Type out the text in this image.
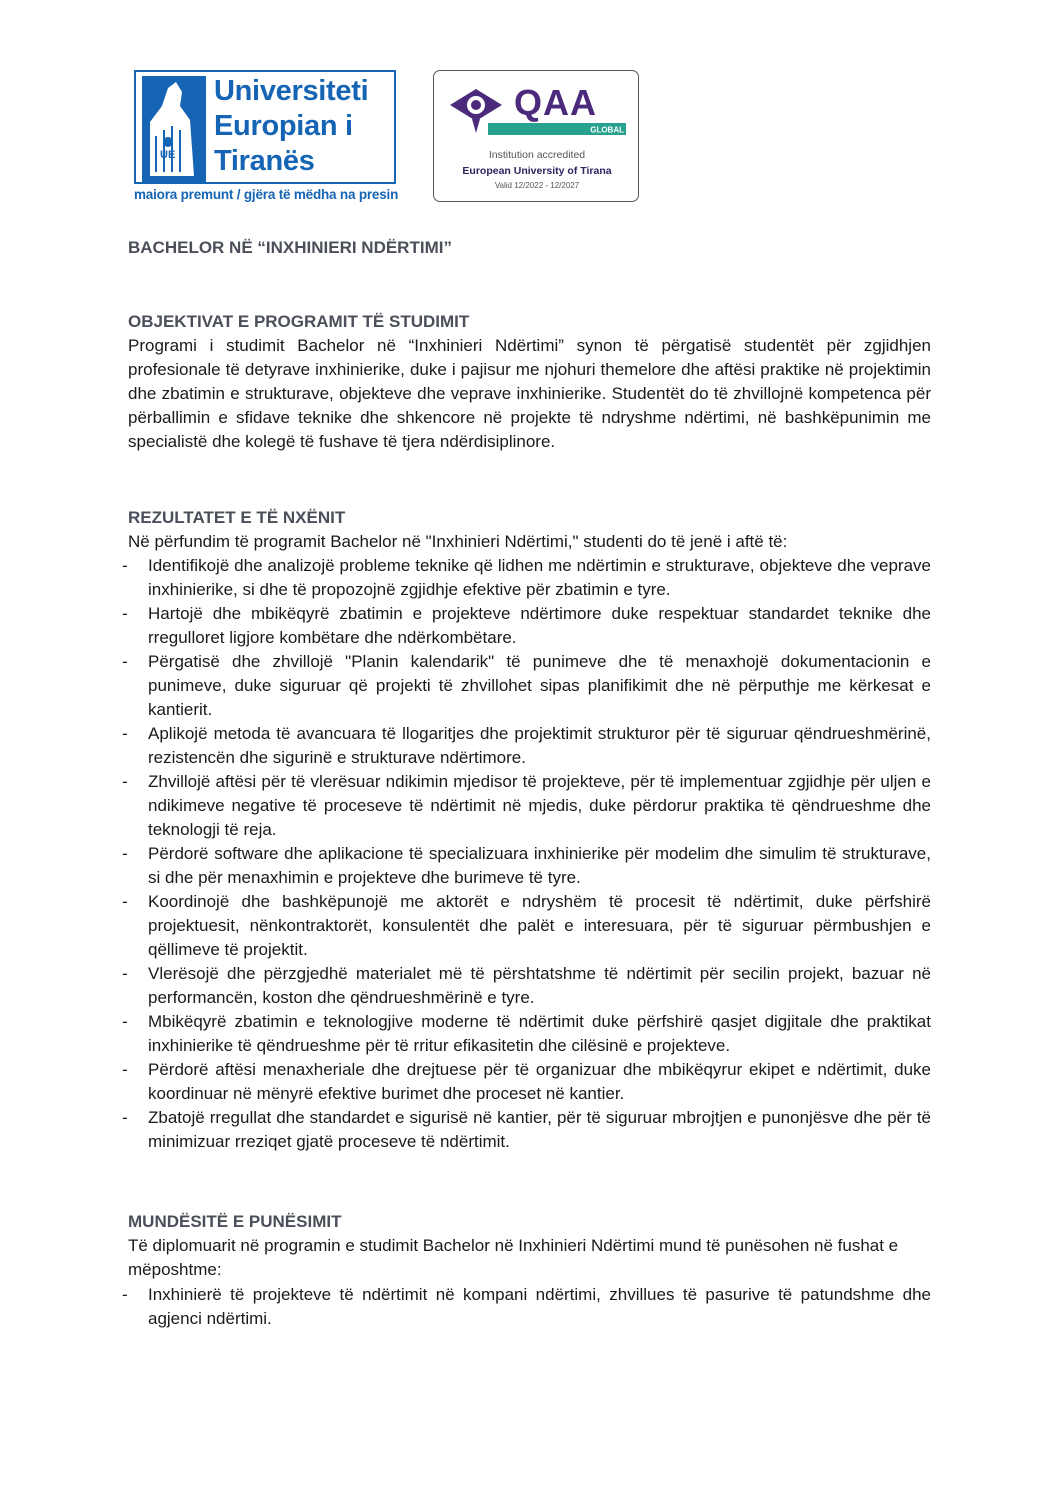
UE
Universiteti
Europian i
Tiranës
maiora premunt / gjëra të mëdha na presin
QAA
GLOBAL
Institution accredited
European University of Tirana
Valid 12/2022 - 12/2027
BACHELOR NË “INXHINIERI NDËRTIMI”
OBJEKTIVAT E PROGRAMIT TË STUDIMIT
Programi i studimit Bachelor në “Inxhinieri Ndërtimi” synon të përgatisë studentët për zgjidhjen profesionale të detyrave inxhinierike, duke i pajisur me njohuri themelore dhe aftësi praktike në projektimin dhe zbatimin e strukturave, objekteve dhe veprave inxhinierike. Studentët do të zhvillojnë kompetenca për përballimin e sfidave teknike dhe shkencore në projekte të ndryshme ndërtimi, në bashkëpunimin me specialistë dhe kolegë të fushave të tjera ndërdisiplinore.
REZULTATET E TË NXËNIT
Në përfundim të programit Bachelor në "Inxhinieri Ndërtimi," studenti do të jenë i aftë të:
- Identifikojë dhe analizojë probleme teknike që lidhen me ndërtimin e strukturave, objekteve dhe veprave inxhinierike, si dhe të propozojnë zgjidhje efektive për zbatimin e tyre.
- Hartojë dhe mbikëqyrë zbatimin e projekteve ndërtimore duke respektuar standardet teknike dhe rregulloret ligjore kombëtare dhe ndërkombëtare.
- Përgatisë dhe zhvillojë "Planin kalendarik" të punimeve dhe të menaxhojë dokumentacionin e punimeve, duke siguruar që projekti të zhvillohet sipas planifikimit dhe në përputhje me kërkesat e kantierit.
- Aplikojë metoda të avancuara të llogaritjes dhe projektimit strukturor për të siguruar qëndrueshmërinë, rezistencën dhe sigurinë e strukturave ndërtimore.
- Zhvillojë aftësi për të vlerësuar ndikimin mjedisor të projekteve, për të implementuar zgjidhje për uljen e ndikimeve negative të proceseve të ndërtimit në mjedis, duke përdorur praktika të qëndrueshme dhe teknologji të reja.
- Përdorë software dhe aplikacione të specializuara inxhinierike për modelim dhe simulim të strukturave, si dhe për menaxhimin e projekteve dhe burimeve të tyre.
- Koordinojë dhe bashkëpunojë me aktorët e ndryshëm të procesit të ndërtimit, duke përfshirë projektuesit, nënkontraktorët, konsulentët dhe palët e interesuara, për të siguruar përmbushjen e qëllimeve të projektit.
- Vlerësojë dhe përzgjedhë materialet më të përshtatshme të ndërtimit për secilin projekt, bazuar në performancën, koston dhe qëndrueshmërinë e tyre.
- Mbikëqyrë zbatimin e teknologjive moderne të ndërtimit duke përfshirë qasjet digjitale dhe praktikat inxhinierike të qëndrueshme për të rritur efikasitetin dhe cilësinë e projekteve.
- Përdorë aftësi menaxheriale dhe drejtuese për të organizuar dhe mbikëqyrur ekipet e ndërtimit, duke koordinuar në mënyrë efektive burimet dhe proceset në kantier.
- Zbatojë rregullat dhe standardet e sigurisë në kantier, për të siguruar mbrojtjen e punonjësve dhe për të minimizuar rreziqet gjatë proceseve të ndërtimit.
MUNDËSITË E PUNËSIMIT
Të diplomuarit në programin e studimit Bachelor në Inxhinieri Ndërtimi mund të punësohen në fushat e mëposhtme:
- Inxhinierë të projekteve të ndërtimit në kompani ndërtimi, zhvillues të pasurive të patundshme dhe agjenci ndërtimi.
